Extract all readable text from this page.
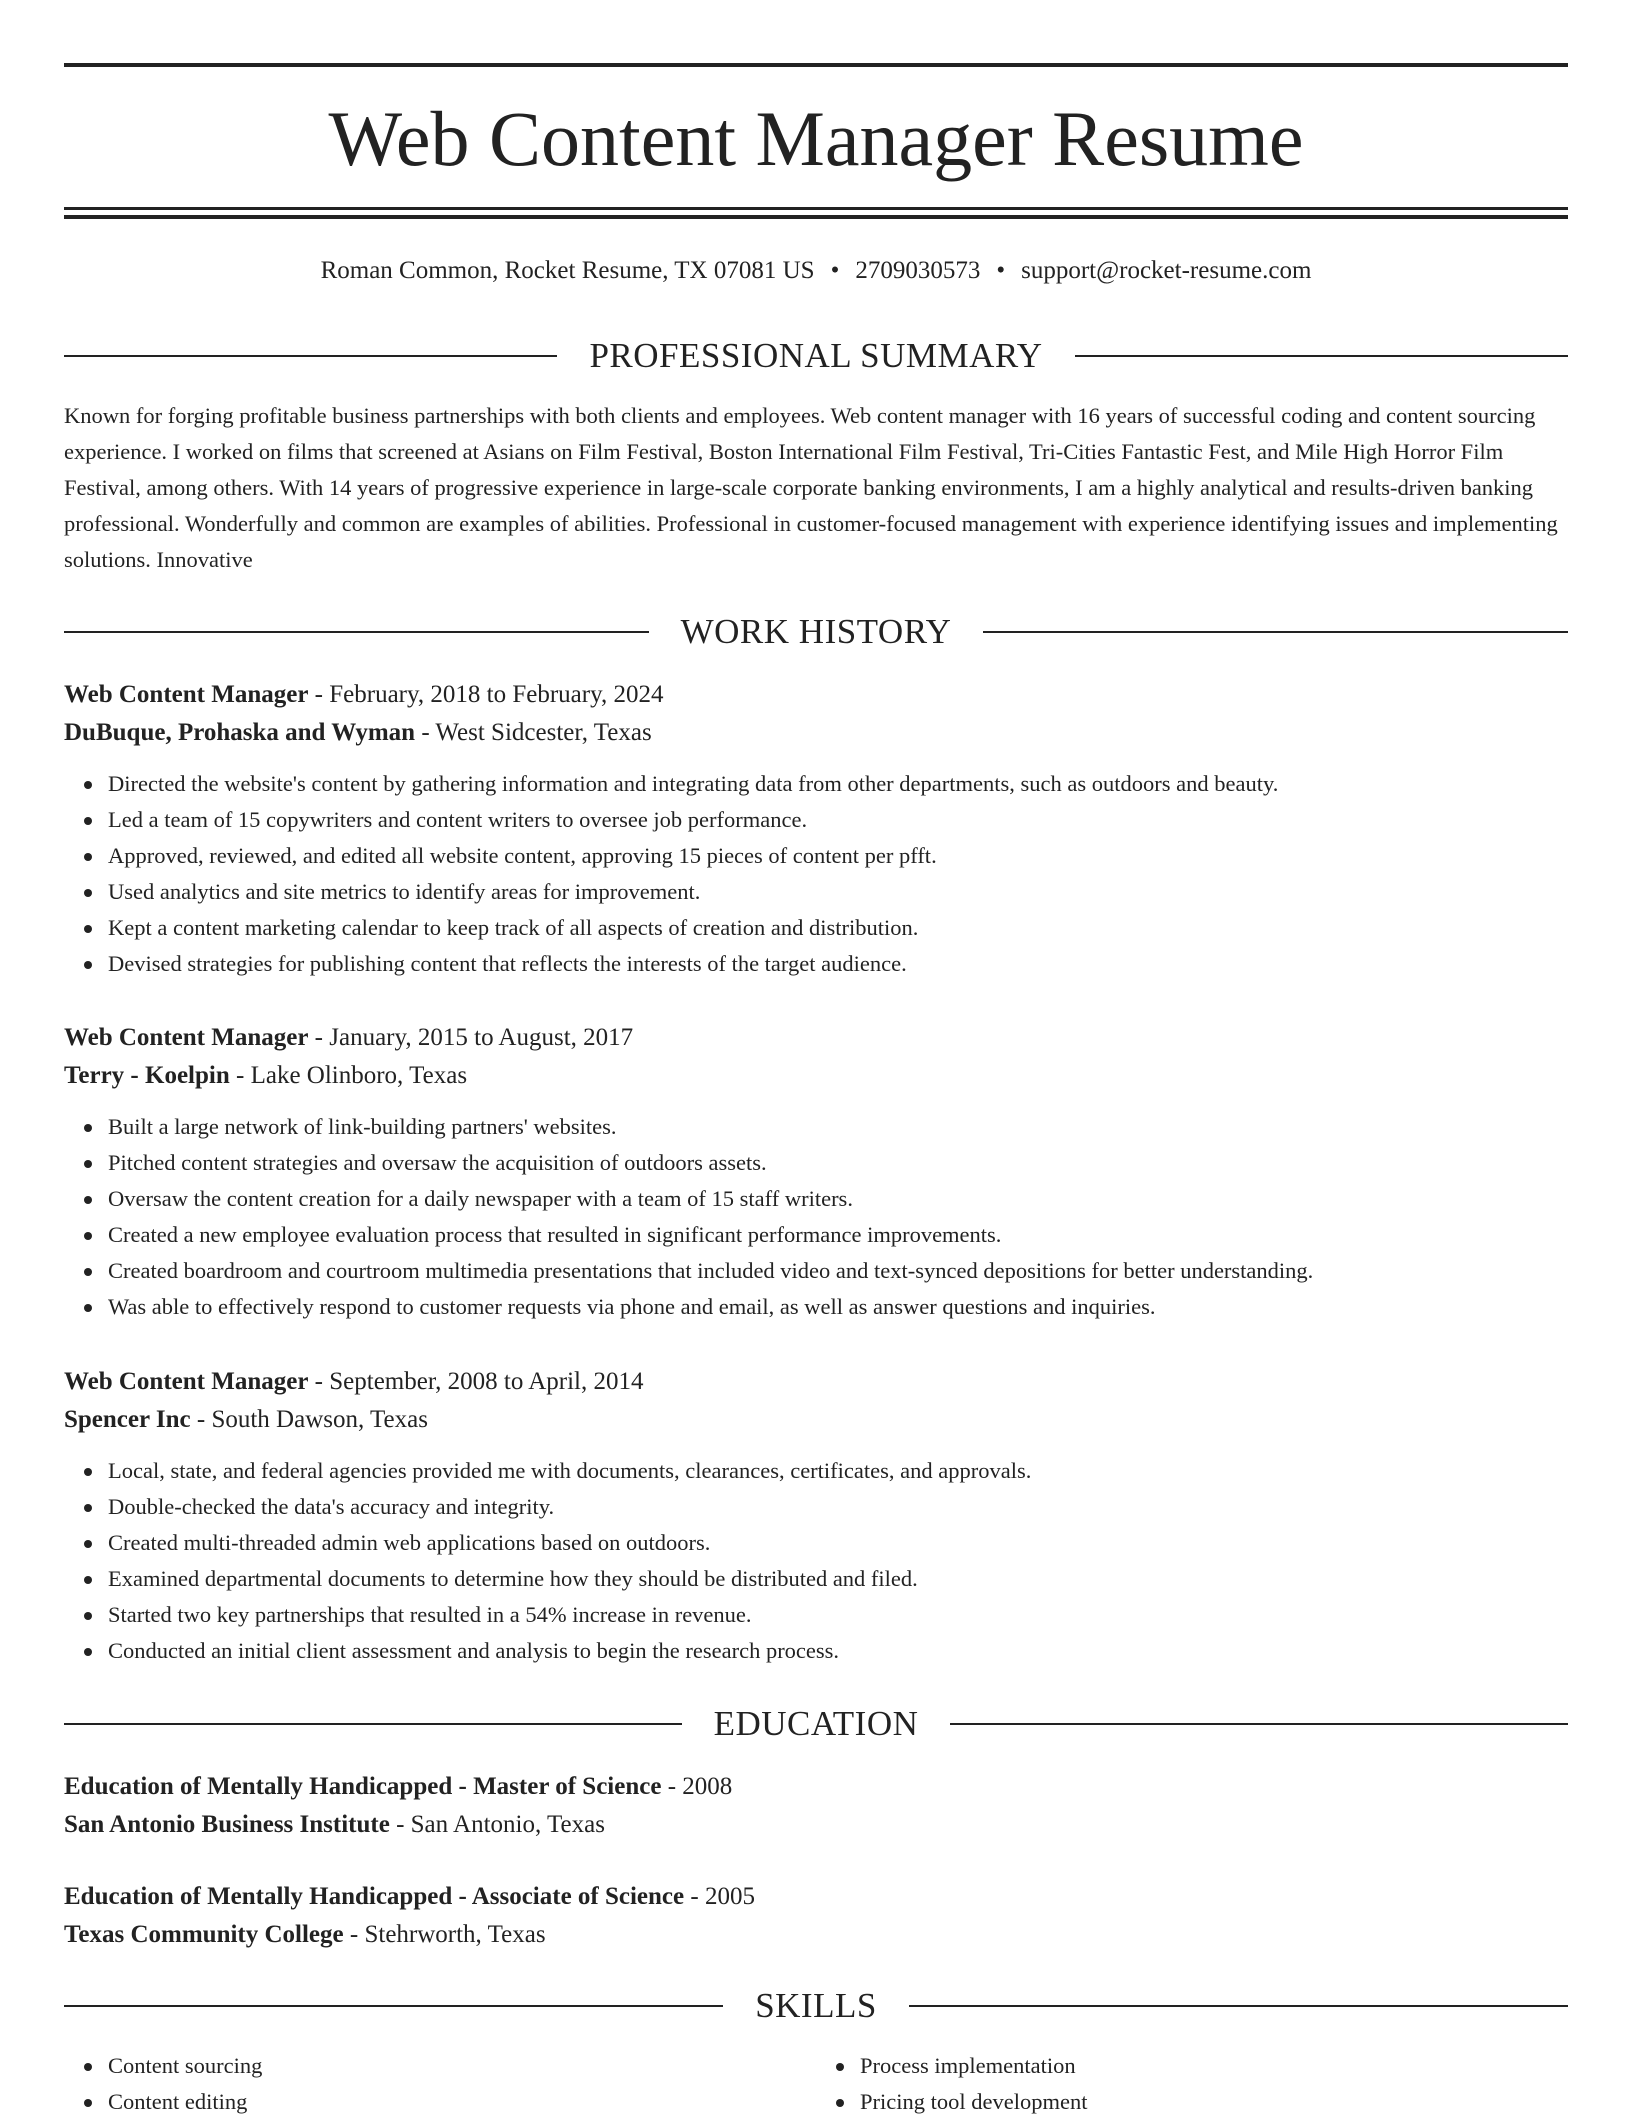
Web Content Manager Resume
Roman Common, Rocket Resume, TX 07081 US • 2709030573 • support@rocket-resume.com
PROFESSIONAL SUMMARY

Known for forging profitable business partnerships with both clients and employees. Web content manager with 16 years of successful coding and content sourcing experience. I worked on films that screened at Asians on Film Festival, Boston International Film Festival, Tri-Cities Fantastic Fest, and Mile High Horror Film Festival, among others. With 14 years of progressive experience in large-scale corporate banking environments, I am a highly analytical and results-driven banking professional. Wonderfully and common are examples of abilities. Professional in customer-focused management with experience identifying issues and implementing solutions. Innovative

WORK HISTORY

Web Content Manager - February, 2018 to February, 2024

DuBuque, Prohaska and Wyman - West Sidcester, Texas

Directed the website's content by gathering information and integrating data from other departments, such as outdoors and beauty.
Led a team of 15 copywriters and content writers to oversee job performance.
Approved, reviewed, and edited all website content, approving 15 pieces of content per pfft.
Used analytics and site metrics to identify areas for improvement.
Kept a content marketing calendar to keep track of all aspects of creation and distribution.
Devised strategies for publishing content that reflects the interests of the target audience.

Web Content Manager - January, 2015 to August, 2017

Terry - Koelpin - Lake Olinboro, Texas

Built a large network of link-building partners' websites.
Pitched content strategies and oversaw the acquisition of outdoors assets.
Oversaw the content creation for a daily newspaper with a team of 15 staff writers.
Created a new employee evaluation process that resulted in significant performance improvements.
Created boardroom and courtroom multimedia presentations that included video and text-synced depositions for better understanding.
Was able to effectively respond to customer requests via phone and email, as well as answer questions and inquiries.

Web Content Manager - September, 2008 to April, 2014

Spencer Inc - South Dawson, Texas

Local, state, and federal agencies provided me with documents, clearances, certificates, and approvals.
Double-checked the data's accuracy and integrity.
Created multi-threaded admin web applications based on outdoors.
Examined departmental documents to determine how they should be distributed and filed.
Started two key partnerships that resulted in a 54% increase in revenue.
Conducted an initial client assessment and analysis to begin the research process.
EDUCATION

Education of Mentally Handicapped - Master of Science - 2008

San Antonio Business Institute - San Antonio, Texas

Education of Mentally Handicapped - Associate of Science - 2005

Texas Community College - Stehrworth, Texas

SKILLS
Content sourcing
Content editing
Process implementation
Pricing tool development
